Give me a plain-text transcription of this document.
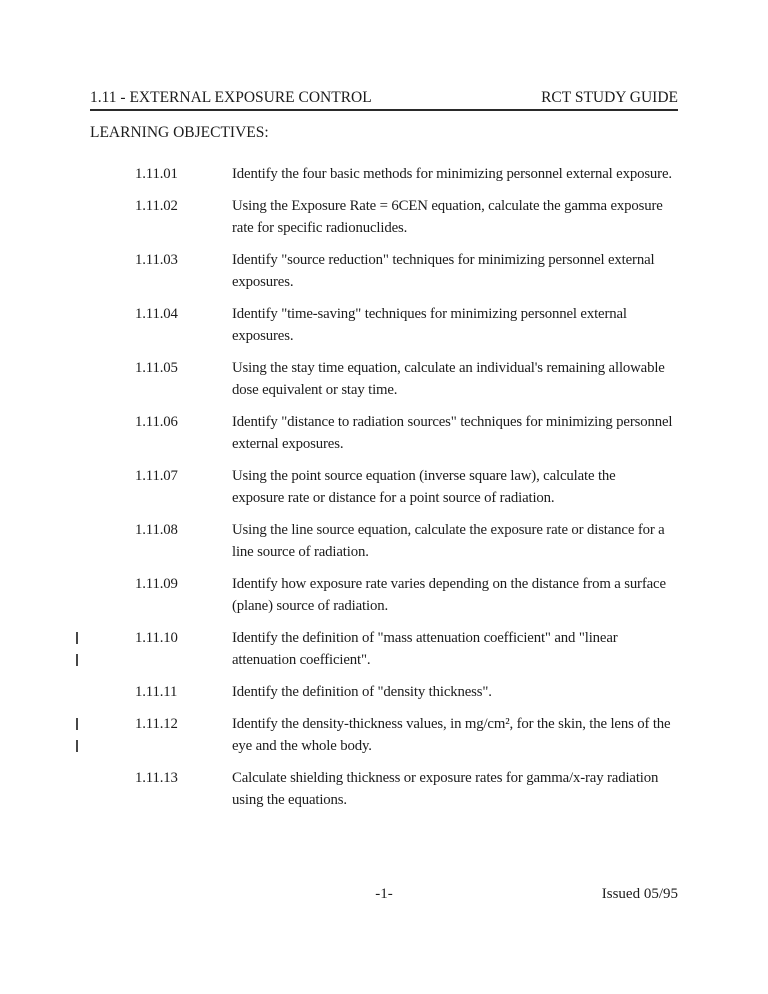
1.11 - EXTERNAL EXPOSURE CONTROL	RCT STUDY GUIDE
LEARNING OBJECTIVES:
1.11.01	Identify the four basic methods for minimizing personnel external exposure.
1.11.02	Using the Exposure Rate = 6CEN equation, calculate the gamma exposure
rate for specific radionuclides.
1.11.03	Identify "source reduction" techniques for minimizing personnel external
exposures.
1.11.04	Identify "time-saving" techniques for minimizing personnel external
exposures.
1.11.05	Using the stay time equation, calculate an individual's remaining allowable
dose equivalent or stay time.
1.11.06	Identify "distance to radiation sources" techniques for minimizing personnel
external exposures.
1.11.07	Using the point source equation (inverse square law), calculate the
exposure rate or distance for a point source of radiation.
1.11.08	Using the line source equation, calculate the exposure rate or distance for a
line source of radiation.
1.11.09	Identify how exposure rate varies depending on the distance from a surface
(plane) source of radiation.
1.11.10	Identify the definition of "mass attenuation coefficient" and "linear
attenuation coefficient".
1.11.11	Identify the definition of "density thickness".
1.11.12	Identify the density-thickness values, in mg/cm², for the skin, the lens of the
eye and the whole body.
1.11.13	Calculate shielding thickness or exposure rates for gamma/x-ray radiation
using the equations.
-1-	Issued 05/95
